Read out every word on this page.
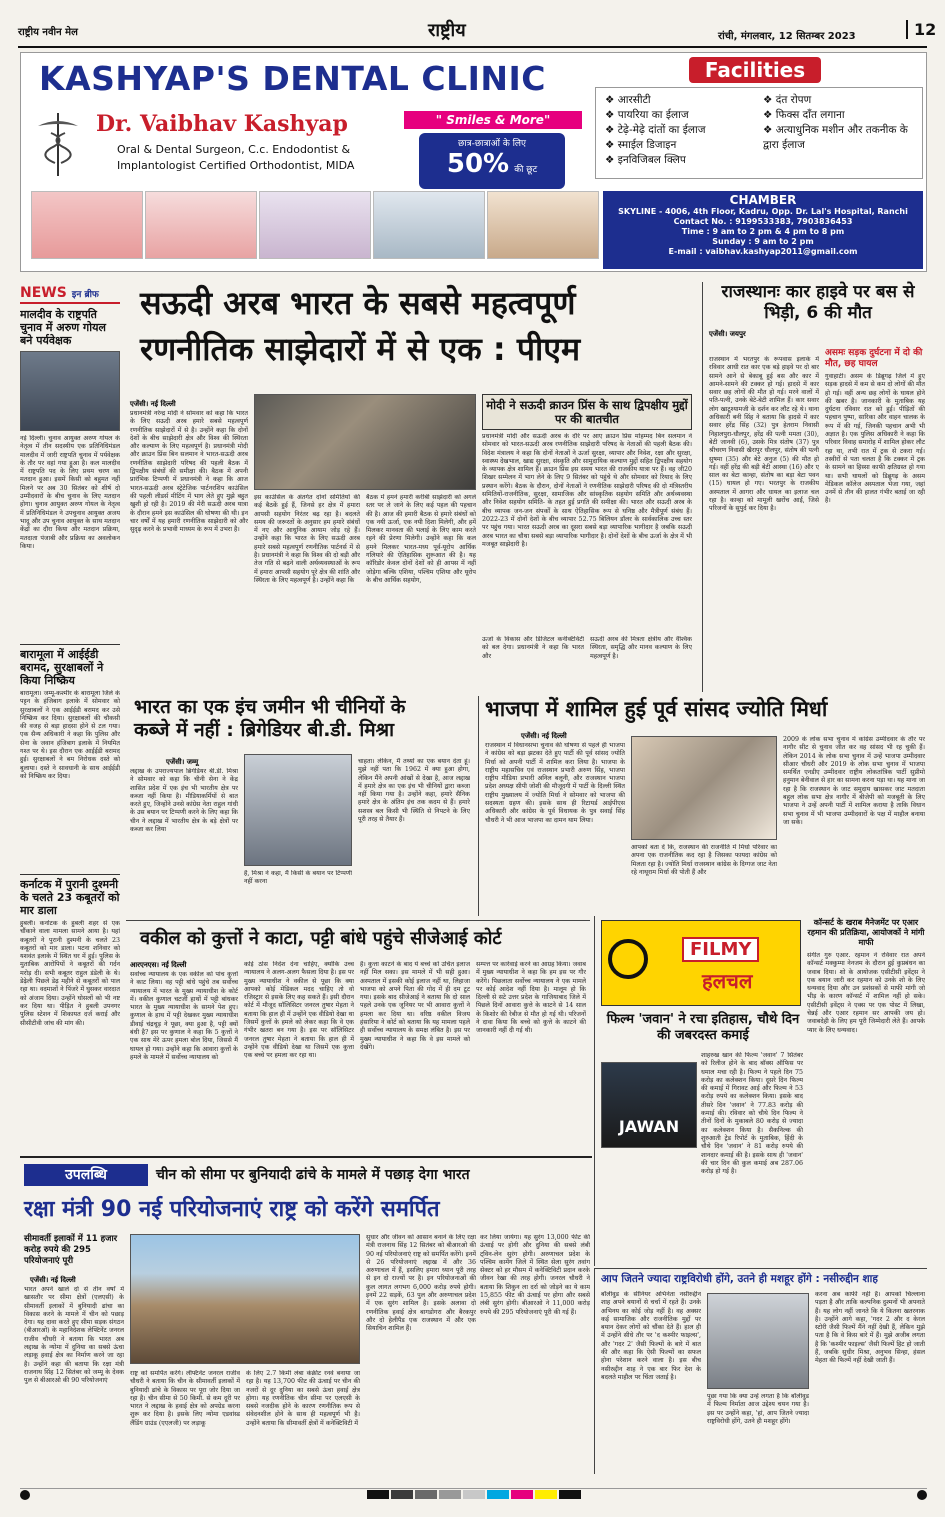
राष्ट्रीय नवीन मेल	राष्ट्रीय	रांची, मंगलवार, 12 सितम्बर 2023	12
KASHYAP'S DENTAL CLINIC
Dr. Vaibhav Kashyap	" Smiles & More"
Oral & Dental Surgeon, C.c. Endodontist &
Implantologist Certified Orthodontist, MIDA
छात्र-छात्राओं के लिए
50% की छूट
Facilities
❖ आरसीटी
❖ पायरिया का ईलाज
❖ टेढ़े-मेढ़े दांतों का ईलाज
❖ स्माईल डिजाइन
❖ इनविजिबल क्लिप
❖ दंत रोपण
❖ फिक्स दाँत लगाना
❖ अत्याधुनिक मशीन और तकनीक के द्वारा ईलाज
CHAMBER
SKYLINE - 4006, 4th Floor, Kadru, Opp. Dr. Lal's Hospital, Ranchi
Contact No. : 9199533383, 7903836453
Time : 9 am to 2 pm & 4 pm to 8 pm
Sunday : 9 am to 2 pm
E-mail : vaibhav.kashyap2011@gmail.com
NEWS इन ब्रीफ
मालदीव के राष्ट्रपति चुनाव में अरुण गोयल बने पर्यवेक्षक
नई दिल्ली। चुनाव आयुक्त अरुण गोयल के नेतृत्व में तीन सदस्यीय एक प्रतिनिधिमंडल मालदीव में जारी राष्ट्रपति चुनाव में पर्यवेक्षक के तौर पर वहां गया हुआ है। कल मालदीव में राष्ट्रपति पद के लिए प्रथम चरण का मतदान हुआ। इसमें किसी को बहुमत नहीं मिलने पर अब 30 सितंबर को शीर्ष दो उम्मीदवारों के बीच चुनाव के लिए मतदान होगा। चुनाव आयुक्त अरुण गोयल के नेतृत्व में प्रतिनिधिमंडल ने उपचुनाव आयुक्त अजय भादू और उप चुनाव आयुक्त के साथ मतदान केंद्रों का दौरा किया और मतदान प्रक्रिया, मतदाता पंजाबी और प्रक्रिया का अवलोकन किया।
बारामूला में आईईडी बरामद, सुरक्षाबलों ने किया निष्क्रिय
बारामूला। जम्मू-कश्मीर के बारामूला जिले के पट्टन के हंजिबाग इलाके में सोमवार को सुरक्षाबलों ने एक आईईडी बरामद कर उसे निष्क्रिय कर दिया। सुरक्षाबलों की चौकसी की वजह से बड़ा हादसा होने से टल गया। एक सैन्य अधिकारी ने कहा कि पुलिस और सेना के जवान हंजिबाग इलाके में नियमित गश्त पर थे। इस दौरान एक आईईडी बरामद हुई। सुरक्षाबलों ने बम निरोधक दस्ते को बुलाया। दस्ते ने सावधानी के साथ आईईडी को निष्क्रिय कर दिया।
कर्नाटक में पुरानी दुश्मनी के चलते 23 कबूतरों को मार डाला
हुबली। कर्नाटक के हुबली शहर से एक चौंकाने वाला मामला सामने आया है। यहां कबूतरों ने पुरानी दुश्मनी के चलते 23 कबूतरों को मार डाला। पटना शनिवार को यशवंत इलाके में स्थित घर में हुई। पुलिस के मुताबिक आरोपियों ने कबूतरों की गर्दन मरोड़ दी। सभी कबूतर राहुल डंडेली के थे। डेढ़ेली पिछले डेढ़ महीने से कबूतरों को पाल रहा था। वदमाशों ने पिंजरे में घुसकर वारदात को अंजाम दिया। उन्होंने घोसलों को भी नष्ट कर दिया था। पीड़ित ने हुबली उपनगर पुलिस स्टेशन में शिकायत दर्ज कराई और सीसीटीवी जांच की मांग की।
सऊदी अरब भारत के सबसे महत्वपूर्ण
रणनीतिक साझेदारों में से एक : पीएम
एजेंसी। नई दिल्ली
प्रधानमंत्री नरेन्द्र मोदी ने सोमवार को कहा कि भारत के लिए सऊदी अरब हमारे सबसे महत्वपूर्ण रणनीतिक साझेदारों में से है। उन्होंने कहा कि दोनों देशों के बीच साझेदारी क्षेत्र और विश्व की स्थिरता और कल्याण के लिए महत्वपूर्ण है। प्रधानमंत्री मोदी और क्राउन प्रिंस बिन सलमान ने भारत-सऊदी अरब रणनीतिक साझेदारी परिषद की पहली बैठक में द्विपक्षीय संबंधों की समीक्षा की। बैठक में अपनी प्रारंभिक टिप्पणी में प्रधानमंत्री ने कहा कि आज भारत-सऊदी अरब स्ट्रेटेजिक पार्टनरशिप काउंसिल की पहली लीडर्स मीटिंग में भाग लेते हुए मुझे बहुत खुशी हो रही है। 2019 की मेरी सऊदी अरब यात्रा के दौरान हमने इस काउंसिल की घोषणा की थी। इन चार वर्षों में यह हमारी रणनीतिक साझेदारी को और सुदृढ़ करने के प्रभावी माध्यम के रूप में उभरा है।
इस काउंसिल के अंतर्गत दोनों समितियों की कई बैठकें हुई हैं, जिनसे हर क्षेत्र में हमारा आपसी सहयोग निरंतर बढ़ रहा है। बदलते समय की जरूरतों के अनुसार हम हमारे संबंधों में नए और आधुनिक आयाम जोड़ रहे हैं। उन्होंने कहा कि भारत के लिए सऊदी अरब हमारे सबसे महत्वपूर्ण रणनीतिक पार्टनर्स में से है। प्रधानमंत्री ने कहा कि विश्व की दो बड़ी और तेज गति से बढ़ने वाली अर्थव्यवस्थाओं के रूप में हमारा आपसी सहयोग पूरे क्षेत्र की शांति और स्थिरता के लिए महत्वपूर्ण है। उन्होंने कहा कि
बैठक में हमने हमारी करीबी साझेदारी को अगले स्तर पर ले जाने के लिए कई पहल की पहचान की है। आज की हमारी बैठक से हमारे संबंधों को एक नयी ऊर्जा, एक नयी दिशा मिलेगी, और हमें मिलकर मानवता की भलाई के लिए काम करते रहने की प्रेरणा मिलेगी। उन्होंने कहा कि कल हमने मिलकर भारत-मध्य पूर्व-यूरोप आर्थिक गलियारे की ऐतिहासिक शुरूआत की है। यह कॉरिडोर केवल दोनों देशों को ही आपस में नहीं जोड़ेगा बल्कि एशिया, पश्चिम एशिया और यूरोप के बीच आर्थिक सहयोग,
मोदी ने सऊदी क्राउन प्रिंस के साथ द्विपक्षीय मुद्दों पर की बातचीत
प्रधानमंत्री मोदी और सऊदी अरब के दौरे पर आए क्राउन प्रिंस मोहम्मद बिन सलमान ने सोमवार को भारत-सऊदी अरब रणनीतिक साझेदारी परिषद के नेताओं की पहली बैठक की। विदेश मंत्रालय ने कहा कि दोनों नेताओं ने ऊर्जा सुरक्षा, व्यापार और निवेश, रक्षा और सुरक्षा, स्वास्थ्य देखभाल, खाद्य सुरक्षा, संस्कृति और सामुदायिक कल्याण मुद्दों सहित द्विपक्षीय सहयोग के व्यापक क्षेत्र शामिल हैं। क्राउन प्रिंस इस समय भारत की राजकीय यात्रा पर हैं। वह जी20 शिखर सम्मेलन में भाग लेने के लिए 9 सितंबर को पहुंचे थे और सोमवार को रियाद के लिए प्रस्थान करेंगे। बैठक के दौरान, दोनों नेताओं ने रणनीतिक साझेदारी परिषद की दो मंत्रिस्तरीय समितियों-राजनीतिक, सुरक्षा, सामाजिक और सांस्कृतिक सहयोग समिति और अर्थव्यवस्था और निवेश सहयोग समिति- के तहत हुई प्रगति की समीक्षा की। भारत और सऊदी अरब के बीच व्यापक जन-जन संपर्कों के साथ ऐतिहासिक रूप से घनिष्ठ और मैत्रीपूर्ण संबंध हैं। 2022-23 में दोनों देशों के बीच व्यापार 52.75 बिलियन डॉलर के सार्वकालिक उच्च स्तर पर पहुंच गया। भारत सऊदी अरब का दूसरा सबसे बड़ा व्यापारिक भागीदार है जबकि सऊदी अरब भारत का चौथा सबसे बड़ा व्यापारिक भागीदार है। दोनों देशों के बीच ऊर्जा के क्षेत्र में भी मजबूत साझेदारी है।
ऊर्जा के विकास और डिजिटल कनेक्टिविटी को बल देगा। प्रधानमंत्री ने कहा कि भारत और
सऊदी अरब की मित्रता क्षेत्रीय और वैश्विक स्थिरता, समृद्धि और मानव कल्याण के लिए महत्वपूर्ण है।
राजस्थानः कार हाइवे पर बस से भिड़ी, 6 की मौत
एजेंसी। जयपुर
राजस्थान में भरतपुर के रूपवास इलाके में रविवार आधी रात कार एक बड़े हाइवे पर दो बार सामने आने से बेकाबू हुई बस और कार में आमने-सामने की टक्कर हो गई। हादसे में कार सवार छह लोगों की मौत हो गई। मरने वालों में पति-पत्नी, उनके बेटे-बेटी शामिल हैं। कार सवार लोग खाटूश्यामजी के दर्शन कर लौट रहे थे। थाना अधिकारी बनी सिंह ने बताया कि हादसे में कार सवार हरेंद्र सिंह (32) पुत्र हेतराम निवासी निहालपुरा-धौलपुर, हरेंद्र की पत्नी ममता (30), बेटी जानवी (6), उसके मित्र संतोष (37) पुत्र श्रीचरण निवासी खैरापुर धौलपुर, संतोष की पत्नी सुषमा (35) और बेटे अनुज (5) की मौत हो गई। वहीं हरेंद्र की बड़ी बेटी आस्था (16) और ए साल का बेटा कान्हा, संतोष का बड़ा बेटा पवन (15) घायल हो गए। भरतपुर के राजकीय अस्पताल में आगरा और धायल का इलाज चल रहा है। कान्हा को मामूली खरोंच आईं, जिसे परिजनों के सुपुर्द कर दिया है।
असमः सड़क दुर्घटना में दो की मौत, छह घायल
गुवाहाटी। असम के डिब्रूगढ़ जिले में हुए सड़क हादसे में कम से कम दो लोगों की मौत हो गई। वहीं अन्य छह लोगों के घायल होने की खबर है। जानकारी के मुताबिक यह दुर्घटना रविवार रात को हुई। पीड़ितों की पहचान पुष्पा, सारिका और वाहन चालक के रूप में की गई, जिनकी पहचान अभी भी अज्ञात है। एक पुलिस अधिकारी ने कहा कि परिवार विवाह समारोह में शामिल होकर लौट रहा था, तभी रात में ट्रक से टकरा गई। तस्वीरों से पता चलता है कि टक्कर में ट्रक के सामने का हिस्सा काफी क्षतिग्रस्त हो गया था। सभी घायलों को डिब्रूगढ़ के असम मेडिकल कॉलेज अस्पताल भेजा गया, जहां उनमें से तीन की हालत गंभीर बताई जा रही है।
भारत का एक इंच जमीन भी चीनियों के
कब्जे में नहीं : ब्रिगेडियर बी.डी. मिश्रा
एजेंसी। जम्मू
लद्दाख के उपराज्यपाल ब्रिगेडियर बी.डी. मिश्रा ने सोमवार को कहा कि चीनी सेना ने केंद्र शासित प्रदेश में एक इंच भी भारतीय क्षेत्र पर कब्जा नहीं किया है। मीडियाकर्मियों से बात करते हुए, जिन्होंने उनसे कांग्रेस नेता राहुल गांधी के उस बयान पर टिप्पणी करने के लिए कहा कि चीन ने लद्दाख में भारतीय क्षेत्र के बड़े क्षेत्रों पर कब्जा कर लिया
है, मिश्रा ने कहा, मैं किसी के बयान पर टिप्पणी नहीं करना
चाहता। लेकिन, मैं तथ्यों का एक बयान देता हूं। मुझे नहीं पता कि 1962 में क्या हुआ होगा, लेकिन मैंने अपनी आंखों से देखा है, आज लद्दाख में हमारे क्षेत्र का एक इंच भी चीनियों द्वारा कब्जा नहीं किया गया है। उन्होंने कहा, हमारे सैनिक हमारे क्षेत्र के अंतिम इंच तक कदम से हैं। हमारे सशस्त्र बल किसी भी स्थिति से निपटने के लिए पूरी तरह से तैयार हैं।
भाजपा में शामिल हुई पूर्व सांसद ज्योति मिर्धा
एजेंसी। नई दिल्ली
राजस्थान में विधानसभा चुनाव की घोषणा से पहले ही भाजपा ने कांग्रेस को बड़ा झटका देते हुए पार्टी की पूर्व सांसद ज्योति मिर्धा को अपनी पार्टी में शामिल करा लिया है। भाजपा के राष्ट्रीय महासचिव एवं राजस्थान प्रभारी अरुण सिंह, भाजपा राष्ट्रीय मीडिया प्रभारी अनिल बलूनी, और राजस्थान भाजपा प्रदेश अध्यक्ष सीपी जोशी की मौजूदगी में पार्टी के दिल्ली स्थित राष्ट्रीय मुख्यालय में ज्योति मिर्धा ने सोमवार को भाजपा की सदस्यता ग्रहण की। इसके साथ ही रिटायर्ड आईपीएस अधिकारी और कांग्रेस के पूर्व विधायक के पुत्र सवाई सिंह चौधरी ने भी आज भाजपा का दामन थाम लिया।
आपको बता दें कि, राजस्थान की राजनीति में मिर्धा परिवार का अपना एक राजनीतिक कद रहा है जिसका फायदा कांग्रेस को मिलता रहा है। ज्योति मिर्धा राजस्थान कांग्रेस के दिग्गज जाट नेता रहे नाथूराम मिर्धा की पोती हैं और
2009 के लोक सभा चुनाव में कांग्रेस उम्मीदवार के तौर पर नागौर सीट से चुनाव जीत कर वह सांसद भी रह चुकी हैं। लेकिन 2014 के लोक सभा चुनाव में उन्हें भाजपा उम्मीदवार सीआर चौधरी और 2019 के लोक सभा चुनाव में भाजपा समर्थित एनडीए उम्मीदवार राष्ट्रीय लोकतांत्रिक पार्टी सुप्रीमो हनुमान बेनीवाल से हार का सामना करना पड़ा था। यह माना जा रहा है कि राजस्थान के जाट समुदाय खासकर जाट मतदाता बहुल लोक सभा क्षेत्र नागौर में बीजेपी को मजबूती के लिए भाजपा ने उन्हें अपनी पार्टी में शामिल कराया है ताकि विधान सभा चुनाव में भी भाजपा उम्मीदवारों के पक्ष में माहौल बनाया जा सके।
वकील को कुत्तों ने काटा, पट्टी बांधे पहुंचे सीजेआई कोर्ट
आरएनएस। नई दिल्ली
सर्वोच्च न्यायालय के एक वकील को पांच कुत्तों ने काट लिया। वह पट्टी बांधे पहुंचे तब सर्वोच्च न्यायालय में भारत के मुख्य न्यायाधीश के कोर्ट में। वकील कुणाल चटर्जी हाथों में पट्टी बांधकर भारत के मुख्य न्यायाधीश के सामने पेश हुए। कुणाल के हाथ में पट्टी देखकर मुख्य न्यायाधीश डीवाई चंद्रचूड़ ने पूछा, क्या हुआ है, पट्टी क्यों बंधी है? इस पर कुणाल ने कहा कि 5 कुत्तों ने एक साथ मेरे ऊपर हमला बोल दिया, जिससे मैं घायल हो गया। उन्होंने कहा कि आवारा कुत्तों के हमले के मामले में सर्वोच्च न्यायालय को
कोई ठोस निर्देश देना चाहिए, क्योंकि उच्च न्यायालय ने अलग-अलग फैसला दिया है। इस पर मुख्य न्यायाधीश ने वकील से पूछा कि क्या आपको कोई मेडिकल मदद चाहिए तो वो रजिस्ट्रार से इसके लिए कह सकते हैं। इसी दौरान कोर्ट में मौजूद सॉलिसिटर जनरल तुषार मेहता ने बताया कि हाल ही में उन्होंने एक वीडियो देखा था जिसमें कुत्तों के हमले को लेकर कहा कि वे एक गंभीर खतरा बन गया है। इस पर सॉलिसिटर जनरल तुषार मेहता ने बताया कि हाल ही में उन्होंने एक वीडियो देखा था जिसमें एक कुत्ता एक बच्चे पर हमला कर रहा था।
है। कुत्ता काटने के बाद ये बच्चे को उचित इलाज नहीं मिल सका। इस मामले में भी सही हुआ। अस्पताल में इसकी कोई इलाज नहीं था, लिहाजा भाजपा को अपने पिता की गोद में ही दम टूट गया। इसके बाद सीजेआई ने बताया कि दो साल पहले उनके एक जूनियर पर भी आवारा कुत्तों ने हमला कर दिया था। वरिष्ठ वकील विजय हंसारिया ने कोर्ट को बताया कि यह मामला पहले ही सर्वोच्च न्यायालय के समक्ष लंबित है। इस पर मुख्य न्यायाधीश ने कहा कि वे इस मामले को देखेंगे।
सम्पत्त पर कार्रवाई करने का आग्रह किया। जवाब में मुख्य न्यायाधीश ने कहा कि हम इस पर गौर करेंगे। पिछलाता सर्वोच्च न्यायालय ने एक मामले पर कोई आदेश नहीं दिया है। मालूम हो कि दिल्ली से सटे उत्तर प्रदेश के गाजियाबाद जिले में पिछले दिनों आवारा कुत्ते के काटने से 14 साल के किशोर की रेबीज से मौत हो गई थी। परिजनों ने दावा किया कि बच्चे को कुत्ते के काटने की जानकारी नहीं दी गई थी।
FILMY
हलचल
कॉन्सर्ट के खराब मैनेजमेंट पर एआर रहमान की प्रतिक्रिया, आयोजकों ने मांगी माफी
संगीत गुरु एआर. रहमान ने रविवार रात अपने कॉन्सर्ट मक्कुम्मा नेनजम के दौरान हुई कुप्रबंधन का जवाब दिया। शो के आयोजक एसीटीसी इवेंट्स ने एक बयान जारी कर रहमान को उनके शो के लिए धन्यवाद दिया और उन प्रशंसकों से माफी मांगी जो भीड़ के कारण कॉन्सर्ट में शामिल नहीं हो सके। एसीटीसी इवेंट्स ने एक्स पर एक पोस्ट में लिखा, चेन्नई और एआर रहमान सर आपकी जय हो। जवाबदेही के लिए हम पूरी जिम्मेदारी लेते हैं। आपके प्यार के लिए धन्यवाद।
फिल्म 'जवान' ने रचा इतिहास, चौथे दिन की जबरदस्त कमाई
JAWAN
शाहरुख खान की फिल्म 'जवान' 7 सितंबर को रिलीज होने के बाद बॉक्स ऑफिस पर धमाल मचा रही है। फिल्म ने पहले दिन 75 करोड़ का कलेक्शन किया। दूसरे दिन फिल्म की कमाई में गिरावट आई और फिल्म ने 53 करोड़ रुपये का कलेक्शन किया। इसके बाद तीसरे दिन 'जवान' ने 77.83 करोड़ की कमाई की। रविवार को चौथे दिन फिल्म ने तीनों दिनों के मुकाबले 80 करोड़ से ज्यादा का कलेक्शन किया है। सैकनिल्क की शुरुआती ट्रेड रिपोर्ट के मुताबिक, हिंदी के चौथे दिन 'जवान' ने 81 करोड़ रुपये की शानदार कमाई की है। इसके साथ ही 'जवान' की चार दिन की कुल कमाई अब 287.06 करोड़ हो गई है।
आप जितने ज्यादा राष्ट्रविरोधी होंगे, उतने ही मशहूर होंगे : नसीरुद्दीन शाह
बॉलीवुड के सीनियर अभिनेता नसीरुद्दीन शाह अपने बयानों से चर्चा में रहते हैं। उनके अभिनय का कोई जोड़ नहीं है। वह अक्सर कई सामाजिक और राजनीतिक मुद्दों पर बयान देकर लोगों को चौंका देते हैं। हाल ही में उन्होंने सीधे तौर पर 'द कश्मीर फाइल्स', और 'गदर 2' जैसी फिल्मों के बारे में बात की और कहा कि ऐसी फिल्मों का सफल होना परेशान करने वाला है। इस बीच नसीरुद्दीन शाह ने एक बार फिर देश के बदलते माहौल पर चिंता जताई है।
पूछा गया कि क्या उन्हें लगता है कि बॉलीवुड में फिल्म निर्माता आज उद्देश्य चयन गया है। इस पर उन्होंने कहा, 'हां, आप जितने ज्यादा राष्ट्रविरोधी होंगे, उतने ही मशहूर होंगे।
करना अब काफी नहीं है। आपको चिल्लाना पड़ता है और ताकि कल्पनिक दुश्मनों भी अपनाते हैं। यह लोग नहीं जानते कि ये कितना खतरनाक है। उन्होंने आगे कहा, 'गदर 2 और द केरल स्टोरी जैसी फिल्में मैंने नहीं देखी हैं, लेकिन मुझे पता है कि वे किस बारे में हैं। मुझे अजीब लगता है कि 'कश्मीर फाइल्स' जैसी फिल्में हिट हो जाती हैं, जबकि सुधीर मिश्रा, अनुभव सिन्हा, हंसल मेहता की फिल्में नहीं देखी जाती हैं।
उपलब्धि	चीन को सीमा पर बुनियादी ढांचे के मामले में पछाड़ देगा भारत
रक्षा मंत्री 90 नई परियोजनाएं राष्ट्र को करेंगे समर्पित
सीमावर्ती इलाकों में 11 हजार करोड़ रुपये की 295 परियोजनाएं पूरी
एजेंसी। नई दिल्ली
भारत अपने खाले दो से तीन वर्षों में खासतौर पर सीमा क्षेत्रों (एलएसी) के सीमावर्ती इलाकों में बुनियादी ढांचा का विकास करने के मामले में चीन को पछाड़ देगा। यह दावा करते हुए सीमा सड़क संगठन (बीआरओ) के महानिदेशक लेफ्टिनेंट जनरल राजीव चौधरी ने बताया कि भारत अब लद्दाख के न्योमा में दुनिया का सबसे ऊंचा लड़ाकू हवाई क्षेत्र का निर्माण करने जा रहा है। उन्होंने कहा की बताया कि रक्षा मंत्री राजनाथ सिंह 12 सितंबर को जम्मू के देवक पुल से बीआरओ की 90 परियोजनाएं
राष्ट्र को समर्पित करेंगे। लेफ्टिनेंट जनरल राजीव चौधरी ने बताया कि चीन के सीमावर्ती इलाकों में बुनियादी ढांचे के विकास पर पूरा जोर दिया जा रहा है। चीन सीमा से 50 किमी. से कम दूरी पर भारत ने लद्दाख के हवाई क्षेत्र को अपग्रेड करना शुरू कर दिया है। इसके लिए न्योमा एडवांस्ड लैंडिंग ग्राउंड (एएलजी) पर लड़ाकू
के लिए 2.7 किमी लंबा कंक्रीट रनवे बनाया जा रहा है। यह 13,700 फीट की ऊंचाई पर चीन की नजरों से दूर दुनिया का सबसे ऊंचा हवाई क्षेत्र होगा। यह रणनीतिक चीन सीमा पर एलएसी के सबसे नजदीक होने के कारण रणनीतिक रूप से संवेदनशील होने के साथ ही महत्वपूर्ण भी है। उन्होंने बताया कि सीमावर्ती क्षेत्रों में कनेक्टिविटी में
सुधार और जीवन को आसान बनाने के लिए रक्षा मंत्री राजनाथ सिंह 12 सितंबर को बीआरओ की 90 नई परियोजनाएं राष्ट्र को समर्पित करेंगे। इनमें से 26 परियोजनाएं लद्दाख में और 36 अरुणाचल में हैं, इसलिए हमारा ध्यान पूरी तरह से इन दो राज्यों पर है। इन परियोजनाओं की कुल लागत लगभग 6,000 करोड़ रुपये होगी। इनमें 22 सड़कें, 63 पुल और अरुणाचल प्रदेश में एक सुरंग शामिल है। इसके अलावा दो रणनीतिक हवाई क्षेत्र बागडोगरा और बैरकपुर और दो हेलीपैड एक राजस्थान में और एक सियाचिन शामिल हैं।
कर लिया जायेगा। यह सुरंग 13,000 फीट की ऊंचाई पर होगी और दुनिया की सबसे लंबी ट्विन-लेन सुरंग होगी। अरुणाचल प्रदेश के पश्चिम कामेंग जिले में स्थित सेला सुरंग तवांग सेक्टर को हर मौसम में कनेक्टिविटी प्रदान करके जीवन रेखा की तरह होगी। जनरल चौधरी ने बताया कि शिकुन ला दर्रा को जोड़ने का ये काम 15,855 फीट की ऊंचाई पर होगा और सबसे लंबी सुरंग होगी। बीआरओ ने 11,000 करोड़ रुपये की 295 परियोजनाएं पूरी की गई हैं।
